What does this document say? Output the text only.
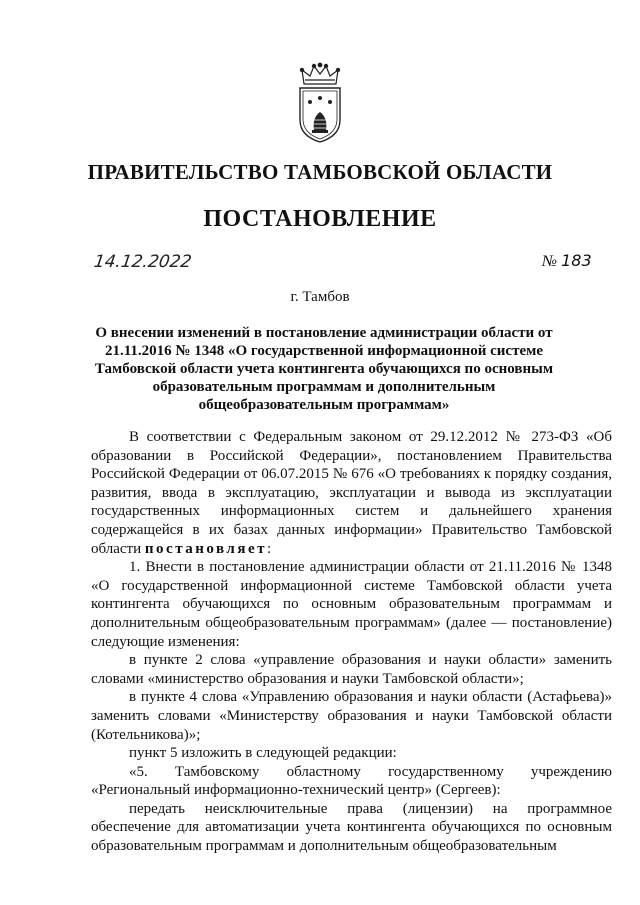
ПРАВИТЕЛЬСТВО ТАМБОВСКОЙ ОБЛАСТИ
ПОСТАНОВЛЕНИЕ
14.12.2022	№ 183
г. Тамбов
О внесении изменений в постановление администрации области от 21.11.2016 № 1348 «О государственной информационной системе Тамбовской области учета контингента обучающихся по основным образовательным программам и дополнительным общеобразовательным программам»

В соответствии с Федеральным законом от 29.12.2012 № 273-ФЗ «Об образовании в Российской Федерации», постановлением Правительства Российской Федерации от 06.07.2015 № 676 «О требованиях к порядку создания, развития, ввода в эксплуатацию, эксплуатации и вывода из эксплуатации государственных информационных систем и дальнейшего хранения содержащейся в их базах данных информации» Правительство Тамбовской области постановляет:

1. Внести в постановление администрации области от 21.11.2016 № 1348 «О государственной информационной системе Тамбовской области учета контингента обучающихся по основным образовательным программам и дополнительным общеобразовательным программам» (далее — постановление) следующие изменения:

в пункте 2 слова «управление образования и науки области» заменить словами «министерство образования и науки Тамбовской области»;

в пункте 4 слова «Управлению образования и науки области (Астафьева)» заменить словами «Министерству образования и науки Тамбовской области (Котельникова)»;

пункт 5 изложить в следующей редакции:

«5. Тамбовскому областному государственному учреждению «Региональный информационно-технический центр» (Сергеев):

передать неисключительные права (лицензии) на программное обеспечение для автоматизации учета контингента обучающихся по основным образовательным программам и дополнительным общеобразовательным
